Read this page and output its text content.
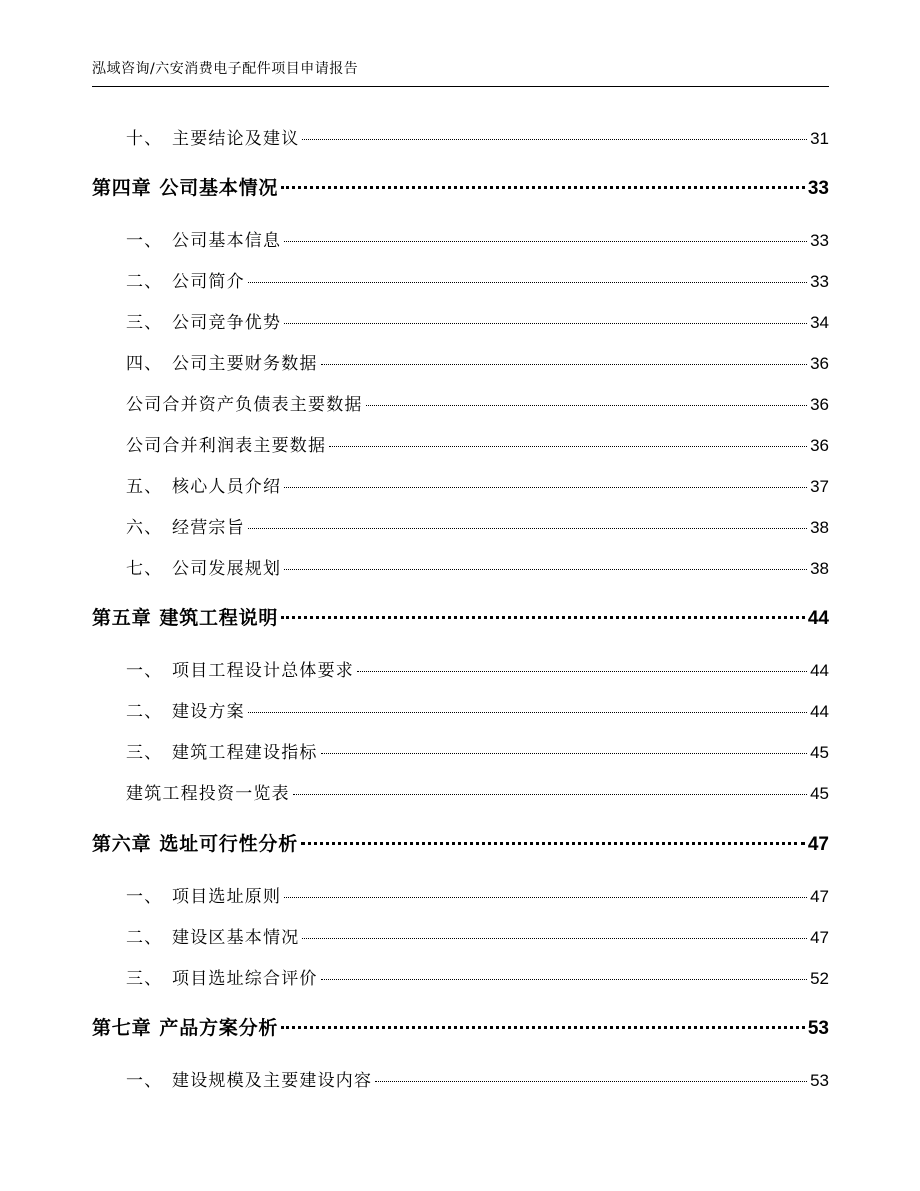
泓域咨询/六安消费电子配件项目申请报告
十、 主要结论及建议	31
第四章 公司基本情况	33
一、 公司基本信息	33
二、 公司简介	33
三、 公司竞争优势	34
四、 公司主要财务数据	36
公司合并资产负债表主要数据	36
公司合并利润表主要数据	36
五、 核心人员介绍	37
六、 经营宗旨	38
七、 公司发展规划	38
第五章 建筑工程说明	44
一、 项目工程设计总体要求	44
二、 建设方案	44
三、 建筑工程建设指标	45
建筑工程投资一览表	45
第六章 选址可行性分析	47
一、 项目选址原则	47
二、 建设区基本情况	47
三、 项目选址综合评价	52
第七章 产品方案分析	53
一、 建设规模及主要建设内容	53
